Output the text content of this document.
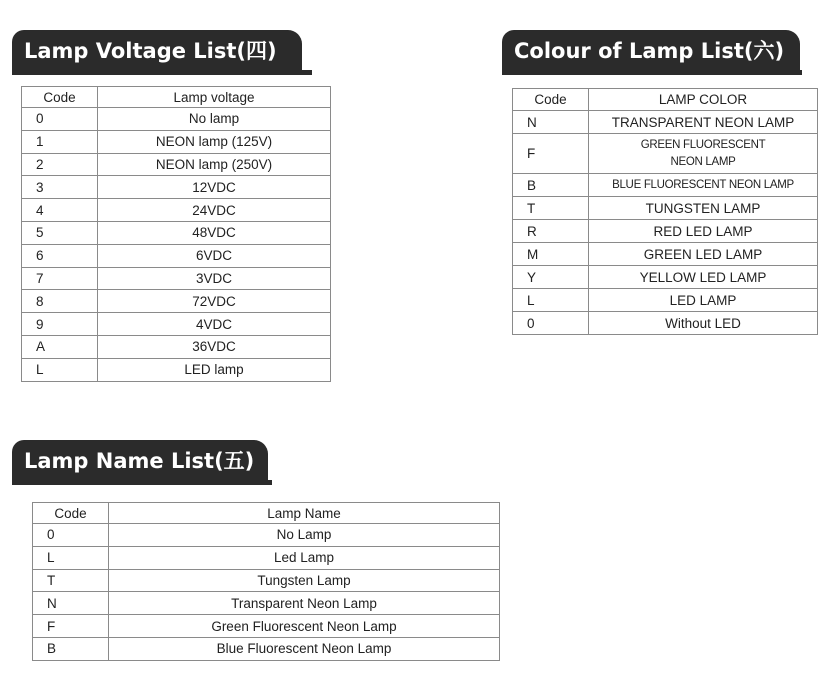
Lamp Voltage List(四)
Code	Lamp voltage
0	No lamp
1	NEON lamp (125V)
2	NEON lamp (250V)
3	12VDC
4	24VDC
5	48VDC
6	6VDC
7	3VDC
8	72VDC
9	4VDC
A	36VDC
L	LED lamp
Colour of Lamp List(六)
Code	LAMP COLOR
N	TRANSPARENT NEON LAMP
F	GREEN FLUORESCENT
NEON LAMP
B	BLUE FLUORESCENT NEON LAMP
T	TUNGSTEN LAMP
R	RED LED LAMP
M	GREEN LED LAMP
Y	YELLOW LED LAMP
L	LED LAMP
0	Without LED
Lamp Name List(五)
Code	Lamp Name
0	No Lamp
L	Led Lamp
T	Tungsten Lamp
N	Transparent Neon Lamp
F	Green Fluorescent Neon Lamp
B	Blue Fluorescent Neon Lamp
